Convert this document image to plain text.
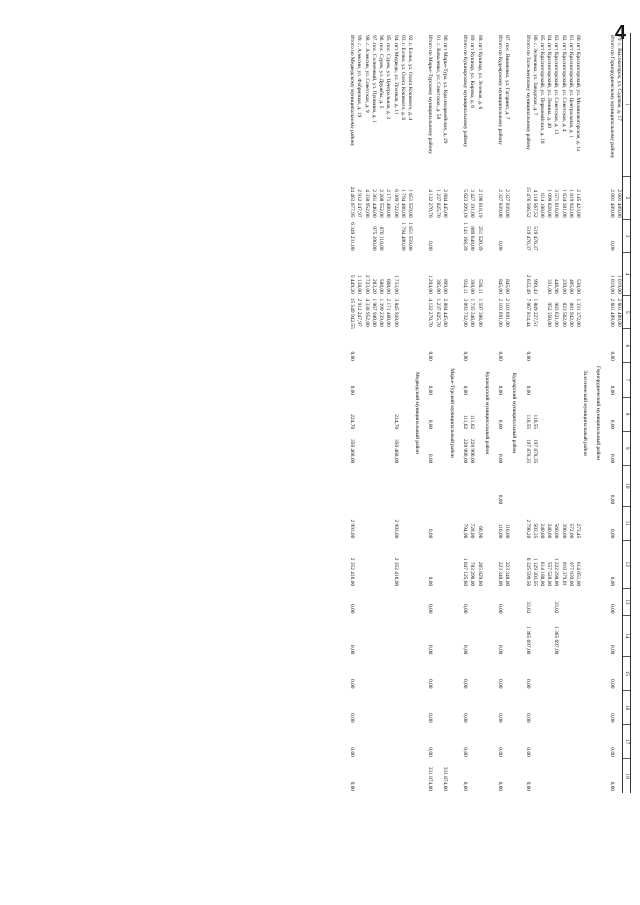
4
1	2	3	4	5	6	7	8	9	10	11	12	13	14	15	16	17	18
79. с. Высокогорск, ул. Садовая, д. 17	2 601 489,00		1 019,00	2 601 489,00													
Итого по Горнорудненскому муниципальному району	2 601 489,00	0,00	1 019,00	2 601 489,00	0,00	0,00	0,00	0,00	0,00	0,00	0,00	0,00	0,00	0,00	0,00	0,00	0,00

Горнорудненский муниципальный район																	

Залесненский муниципальный район																	
80. пгт Красногорский, ул. Малиновогорская, д. 1а	2 145 423,00		530,00	1 331 372,00						273,45	614 051,00						
81. пгт Красногорский, ул. Центральная, д. 1	1 819 922,00		405,00	881 942,00						572,00	977 939,00						
82. пгт Красногорский, ул. Советская, д. 4	1 634 381,00		230,00	823 562,00						390,00	810 379,01						
83. пгт Красногорский, ул. Советская, д. 13	3 571 616,00		446,96	983 621,00						560,00	1 222 298,00	33,02	1 365 697,00				
84. пгт Красногорский, ул. Ленина, д. 40	1 099 828,00		331,00	952 350,00						240,00	557 528,00						
85. пгт Красногорский, ул. Первомайская, д. 10	614 188,00									240,00	614 188,00						
86. с. Зеленовка, ул. Заводская, д. 7	4 118 567,52	519 476,37	999,43	1 889 227,51			116,55	197 878,35		503,35	1 129 303,55						
Итого по Залесненскому муниципальному району	15 476 566,52	519 476,37	2 632,49	7 067 814,44	0,00	0,00	116,55	197 878,35		2 790,20	6 325 599,56	33,62	1 365 697,00	0,00	0,00	0,00	0,00

Кудеярский муниципальный район																	
87. пос. Вишневка, ул. Гагарина, д. 7	2 327 039,00		845,00	2 103 691,00						116,00	223 348,00						
Итого по Кудеярскому муниципальному району	2 327 039,00	0,00	845,00	2 103 691,00	0,00	0,00	0,00	0,00	0,00	116,00	223 348,00	0,00	0,00	0,00	0,00	0,00	0,00

Кушнарский муниципальный район																	
88. пгт Кушнар, ул. Зеленая, д. 6	2 196 018,19	251 520,39	536,11	1 597 386,00						66,96	265 829,60						
89. пгт Кушнар, ул. Кирова, д. 6	3 427 191,00	889 648,00	398,00	1 735 346,00			111,62	228 900,00		728,00	783 296,00						
Итого по Кушнарскому муниципальному району	5 623 209,19	1 141 168,39	934,11	3 093 732,00	0,00	0,00	111,62	228 900,00		794,96	1 047 125,60	0,00	0,00	0,00	0,00	0,00	0,00

Марье-Турский муниципальный район																	
90. пгт Марье-Тура, ул. Красноармейская, д. 29	2 884 445,00		899,00	2 884 445,00													331 874,00
91. с. Ковалевка, ул. Советская, д. 58	1 237 825,70		395,00	1 237 825,70													
Итого по Марье-Турскому муниципальному району	4 122 270,70	0,00	1 294,00	4 122 270,70	0,00	0,00	0,00	0,00		0,00	0,00	0,00	0,00	0,00	0,00	0,00	331 874,00

Медведский муниципальный район																	
92. г. Елово, ул. Олега Кошевого, д. 4	1 651 559,00	1 651 559,00															
93. г. Елово, ул. Олега Кошевого, д. 6	1 794 400,00	1 794 400,00															
94. пгт Медведь, ул. Полевая, д. 11	6 309 722,00		1 733,00	3 845 928,00			224,70	350 468,00		2 993,00	2 352 416,00						
95. пос. Сурок, ул. Центральная, д. 3	2 171 400,00		600,00	2 171 400,00													
96. пос. Сурок, ул. Дружбы, д. 5	2 208 552,00	876 118,00	580,00	1 399 239,00													
97. пос. Солнечный, ул. Пушкина, д. 1	2 361 446,00	975 390,00	283,20	1 967 940,00													
98. с. Алексин, ул. Советская, д. 9	4 338 952,00		2 723,00	4 338 952,00													
99. с. Алексин, ул. Фабричная, д. 19	2 912 247,97		1 138,00	2 912 247,97													
Итого по Медведскому муниципальному району	24 463 077,95	6 349 231,00	5 449,20	15 549 942,55	0,00	0,00	224,70	350 468,00		2 993,00	2 352 416,00	0,00	0,00	0,00	0,00	0,00	0,00
